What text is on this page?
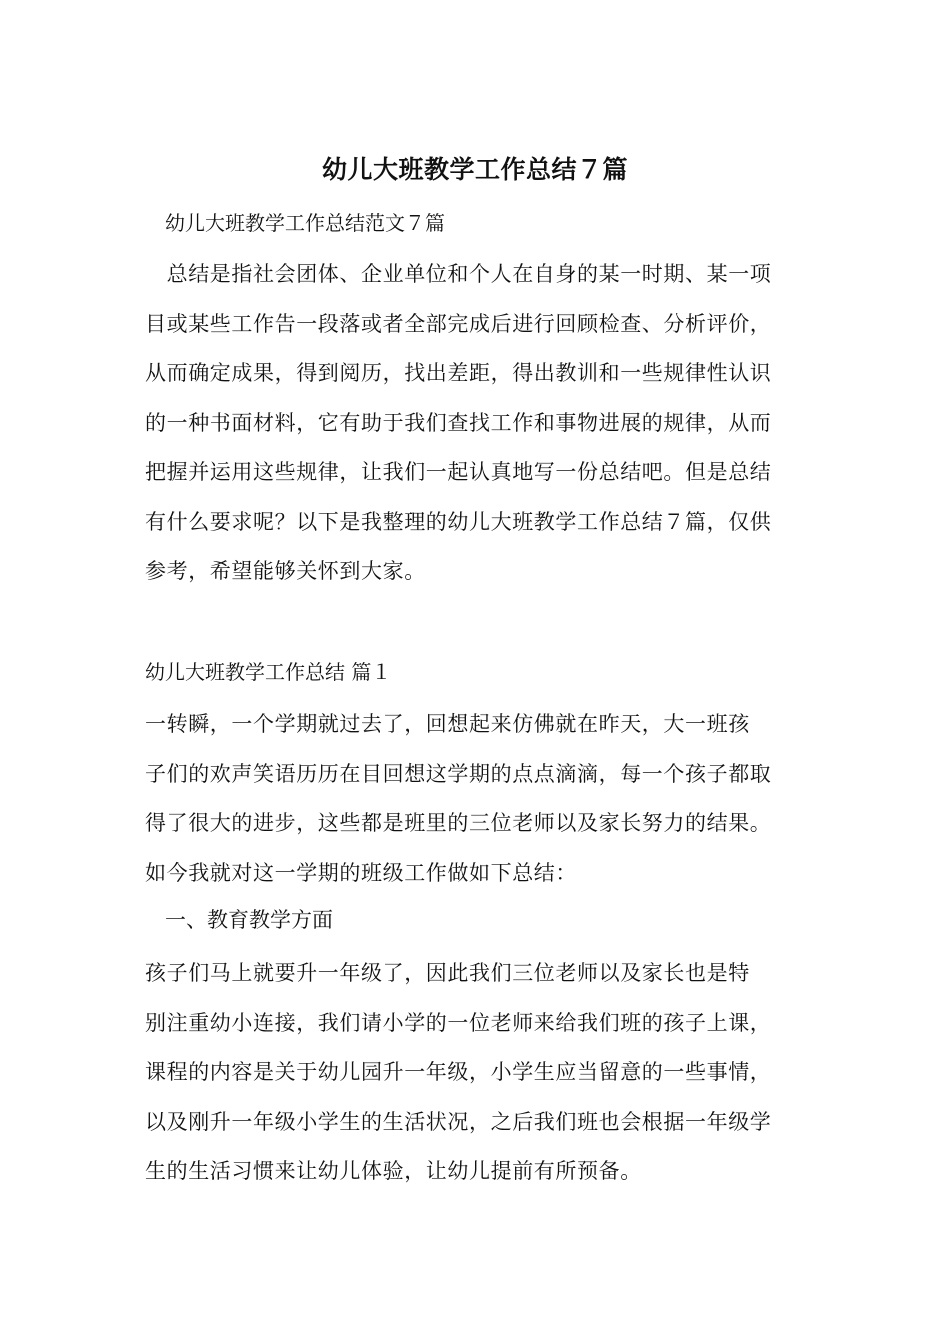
幼儿大班教学工作总结７篇
幼儿大班教学工作总结范文７篇
　总结是指社会团体、企业单位和个人在自身的某一时期、某一项
目或某些工作告一段落或者全部完成后进行回顾检查、分析评价，
从而确定成果，得到阅历，找出差距，得出教训和一些规律性认识
的一种书面材料，它有助于我们查找工作和事物进展的规律，从而
把握并运用这些规律，让我们一起认真地写一份总结吧。但是总结
有什么要求呢？以下是我整理的幼儿大班教学工作总结７篇，仅供
参考，希望能够关怀到大家。
幼儿大班教学工作总结 篇１
一转瞬，一个学期就过去了，回想起来仿佛就在昨天，大一班孩
子们的欢声笑语历历在目回想这学期的点点滴滴，每一个孩子都取
得了很大的进步，这些都是班里的三位老师以及家长努力的结果。
如今我就对这一学期的班级工作做如下总结：
一、教育教学方面
孩子们马上就要升一年级了，因此我们三位老师以及家长也是特
别注重幼小连接，我们请小学的一位老师来给我们班的孩子上课，
课程的内容是关于幼儿园升一年级，小学生应当留意的一些事情，
以及刚升一年级小学生的生活状况，之后我们班也会根据一年级学
生的生活习惯来让幼儿体验，让幼儿提前有所预备。
